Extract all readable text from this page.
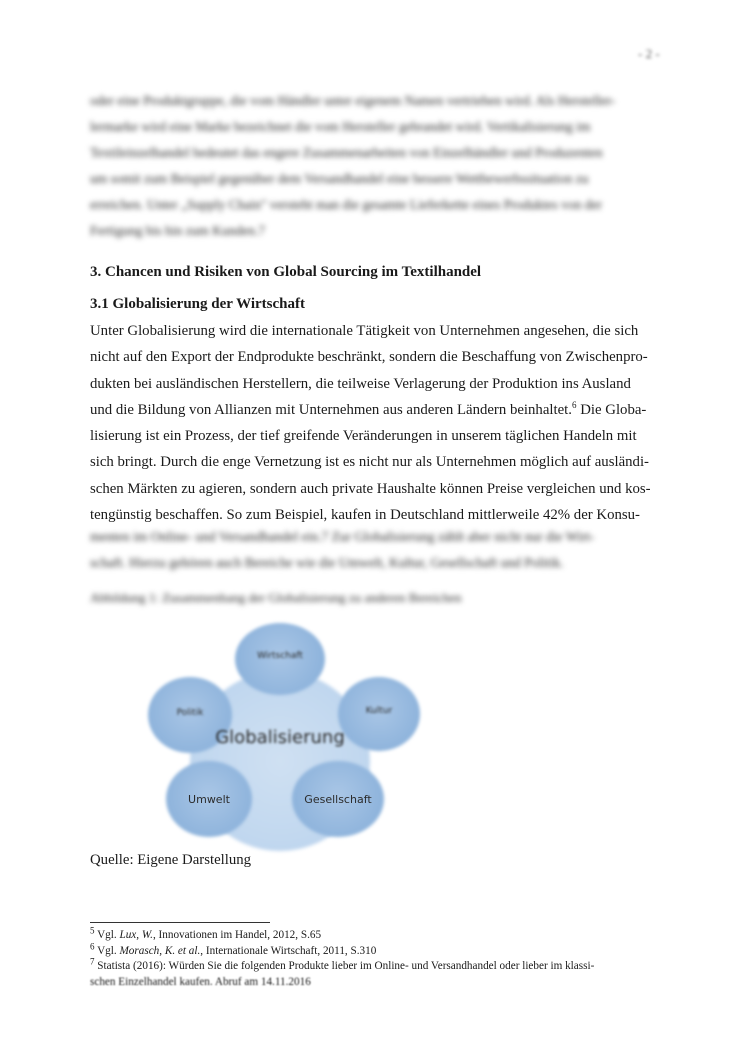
- 2 -

oder eine Produktgruppe, die vom Händler unter eigenem Namen vertrieben wird. Als Hersteller-

lermarke wird eine Marke bezeichnet die vom Hersteller gebrandet wird. Vertikalisierung im

Textileinzelhandel bedeutet das engere Zusammenarbeiten von Einzelhändler und Produzenten

um somit zum Beispiel gegenüber dem Versandhandel eine bessere Wettbewerbssituation zu

erreichen. Unter „Supply Chain" versteht man die gesamte Lieferkette eines Produktes von der

Fertigung bis hin zum Kunden.7

3. Chancen und Risiken von Global Sourcing im Textilhandel
3.1 Globalisierung der Wirtschaft

Unter Globalisierung wird die internationale Tätigkeit von Unternehmen angesehen, die sich

nicht auf den Export der Endprodukte beschränkt, sondern die Beschaffung von Zwischenpro-

dukten bei ausländischen Herstellern, die teilweise Verlagerung der Produktion ins Ausland

und die Bildung von Allianzen mit Unternehmen aus anderen Ländern beinhaltet.$^6$ Die Globa-

lisierung ist ein Prozess, der tief greifende Veränderungen in unserem täglichen Handeln mit

sich bringt. Durch die enge Vernetzung ist es nicht nur als Unternehmen möglich auf ausländi-

schen Märkten zu agieren, sondern auch private Haushalte können Preise vergleichen und kos-

tengünstig beschaffen. So zum Beispiel, kaufen in Deutschland mittlerweile 42% der Konsu-

menten im Online- und Versandhandel ein.7 Zur Globalisierung zählt aber nicht nur die Wirt-

schaft. Hierzu gehören auch Bereiche wie die Umwelt, Kultur, Gesellschaft und Politik.

Abbildung 1: Zusammenhang der Globalisierung zu anderen Bereichen
Globalisierung
Wirtschaft
Politik	Kultur
Umwelt	Gesellschaft
Quelle: Eigene Darstellung

$^5$ Vgl. Lux, W., Innovationen im Handel, 2012, S.65

$^6$ Vgl. Morasch, K. et al., Internationale Wirtschaft, 2011, S.310

$^7$ Statista (2016): Würden Sie die folgenden Produkte lieber im Online- und Versandhandel oder lieber im klassi-

schen Einzelhandel kaufen. Abruf am 14.11.2016
